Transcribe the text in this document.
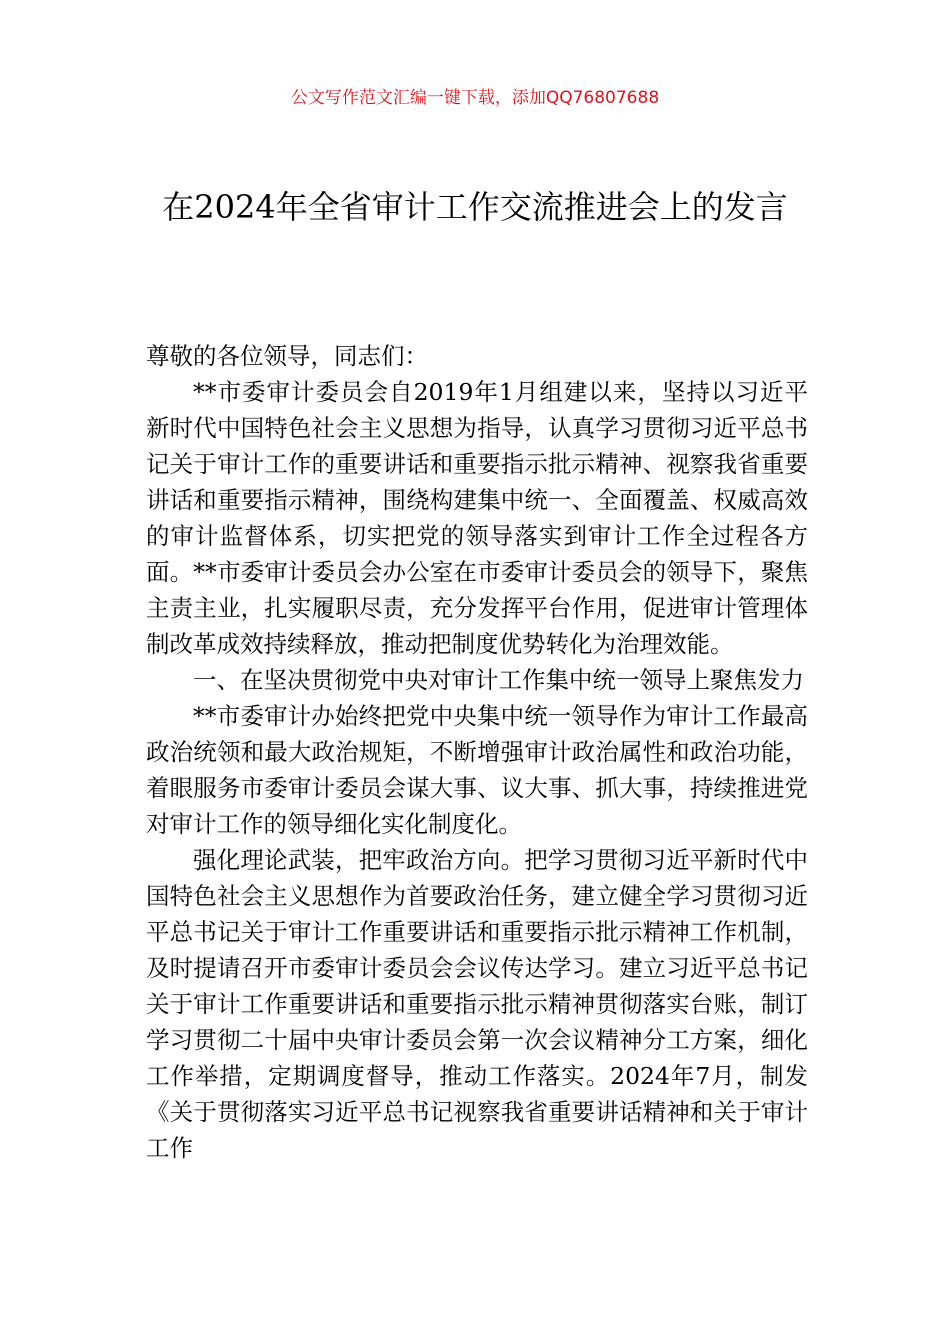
公文写作范文汇编一键下载，添加QQ76807688
在2024年全省审计工作交流推进会上的发言

尊敬的各位领导，同志们：

**市委审计委员会自2019年1月组建以来，坚持以习近平新时代中国特色社会主义思想为指导，认真学习贯彻习近平总书记关于审计工作的重要讲话和重要指示批示精神、视察我省重要讲话和重要指示精神，围绕构建集中统一、全面覆盖、权威高效的审计监督体系，切实把党的领导落实到审计工作全过程各方面。**市委审计委员会办公室在市委审计委员会的领导下，聚焦主责主业，扎实履职尽责，充分发挥平台作用，促进审计管理体制改革成效持续释放，推动把制度优势转化为治理效能。

一、在坚决贯彻党中央对审计工作集中统一领导上聚焦发力

**市委审计办始终把党中央集中统一领导作为审计工作最高政治统领和最大政治规矩，不断增强审计政治属性和政治功能，着眼服务市委审计委员会谋大事、议大事、抓大事，持续推进党对审计工作的领导细化实化制度化。

强化理论武装，把牢政治方向。把学习贯彻习近平新时代中国特色社会主义思想作为首要政治任务，建立健全学习贯彻习近平总书记关于审计工作重要讲话和重要指示批示精神工作机制，及时提请召开市委审计委员会会议传达学习。建立习近平总书记关于审计工作重要讲话和重要指示批示精神贯彻落实台账，制订学习贯彻二十届中央审计委员会第一次会议精神分工方案，细化工作举措，定期调度督导，推动工作落实。2024年7月，制发《关于贯彻落实习近平总书记视察我省重要讲话精神和关于审计工作
